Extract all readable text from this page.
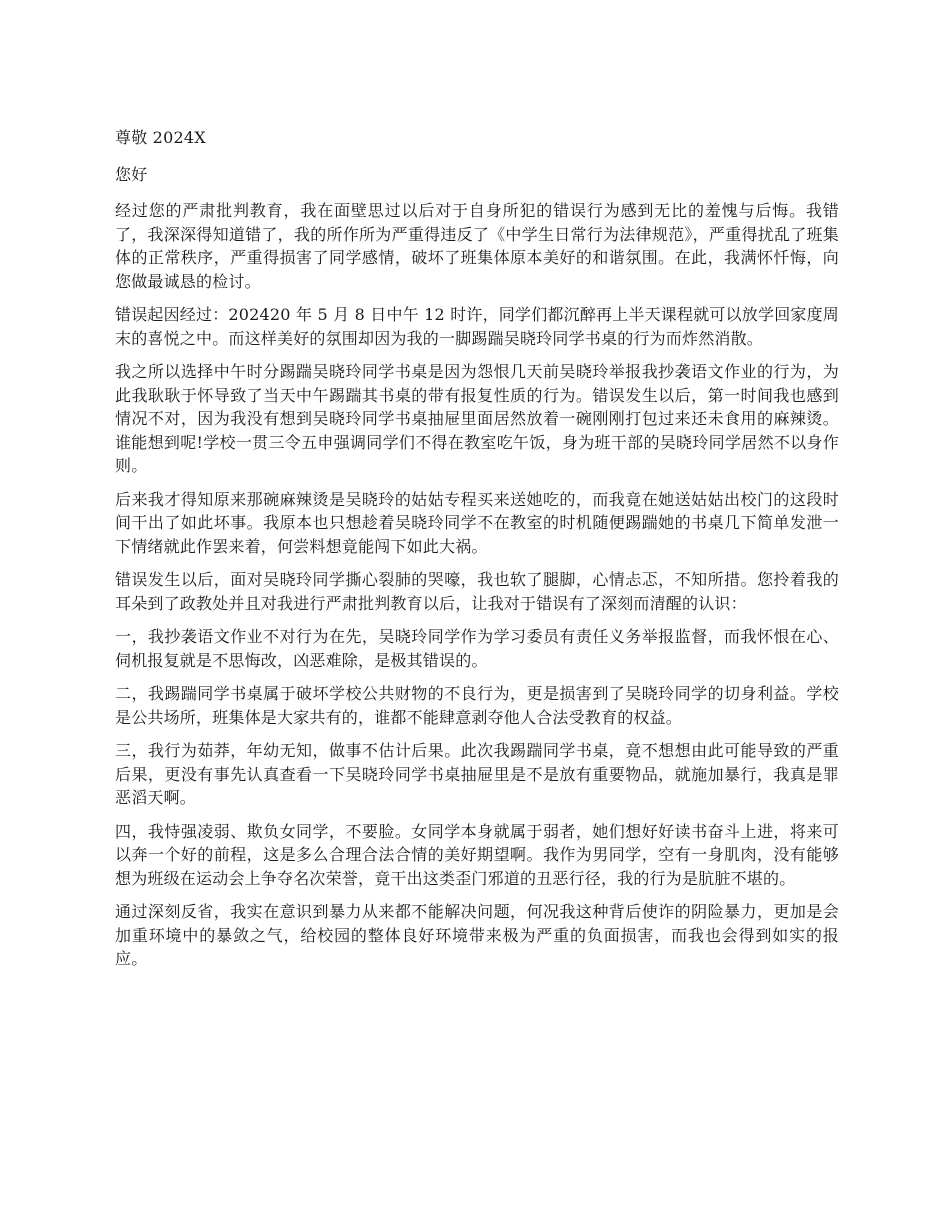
尊敬 2024X

您好

经过您的严肃批判教育，我在面壁思过以后对于自身所犯的错误行为感到无比的羞愧与后悔。我错了，我深深得知道错了，我的所作所为严重得违反了《中学生日常行为法律规范》，严重得扰乱了班集体的正常秩序，严重得损害了同学感情，破坏了班集体原本美好的和谐氛围。在此，我满怀忏悔，向您做最诚恳的检讨。

错误起因经过：202420 年 5 月 8 日中午 12 时许，同学们都沉醉再上半天课程就可以放学回家度周末的喜悦之中。而这样美好的氛围却因为我的一脚踢踹吴晓玲同学书桌的行为而炸然消散。

我之所以选择中午时分踢踹吴晓玲同学书桌是因为怨恨几天前吴晓玲举报我抄袭语文作业的行为，为此我耿耿于怀导致了当天中午踢踹其书桌的带有报复性质的行为。错误发生以后，第一时间我也感到情况不对，因为我没有想到吴晓玲同学书桌抽屉里面居然放着一碗刚刚打包过来还未食用的麻辣烫。谁能想到呢!学校一贯三令五申强调同学们不得在教室吃午饭，身为班干部的吴晓玲同学居然不以身作则。

后来我才得知原来那碗麻辣烫是吴晓玲的姑姑专程买来送她吃的，而我竟在她送姑姑出校门的这段时间干出了如此坏事。我原本也只想趁着吴晓玲同学不在教室的时机随便踢踹她的书桌几下简单发泄一下情绪就此作罢来着，何尝料想竟能闯下如此大祸。

错误发生以后，面对吴晓玲同学撕心裂肺的哭嚎，我也软了腿脚，心情忐忑，不知所措。您拎着我的耳朵到了政教处并且对我进行严肃批判教育以后，让我对于错误有了深刻而清醒的认识：

一，我抄袭语文作业不对行为在先，吴晓玲同学作为学习委员有责任义务举报监督，而我怀恨在心、伺机报复就是不思悔改，凶恶难除，是极其错误的。

二，我踢踹同学书桌属于破坏学校公共财物的不良行为，更是损害到了吴晓玲同学的切身利益。学校是公共场所，班集体是大家共有的，谁都不能肆意剥夺他人合法受教育的权益。

三，我行为茹莽，年幼无知，做事不估计后果。此次我踢踹同学书桌，竟不想想由此可能导致的严重后果，更没有事先认真查看一下吴晓玲同学书桌抽屉里是不是放有重要物品，就施加暴行，我真是罪恶滔天啊。

四，我恃强凌弱、欺负女同学，不要脸。女同学本身就属于弱者，她们想好好读书奋斗上进，将来可以奔一个好的前程，这是多么合理合法合情的美好期望啊。我作为男同学，空有一身肌肉，没有能够想为班级在运动会上争夺名次荣誉，竟干出这类歪门邪道的丑恶行径，我的行为是肮脏不堪的。

通过深刻反省，我实在意识到暴力从来都不能解决问题，何况我这种背后使诈的阴险暴力，更加是会加重环境中的暴敛之气，给校园的整体良好环境带来极为严重的负面损害，而我也会得到如实的报应。
